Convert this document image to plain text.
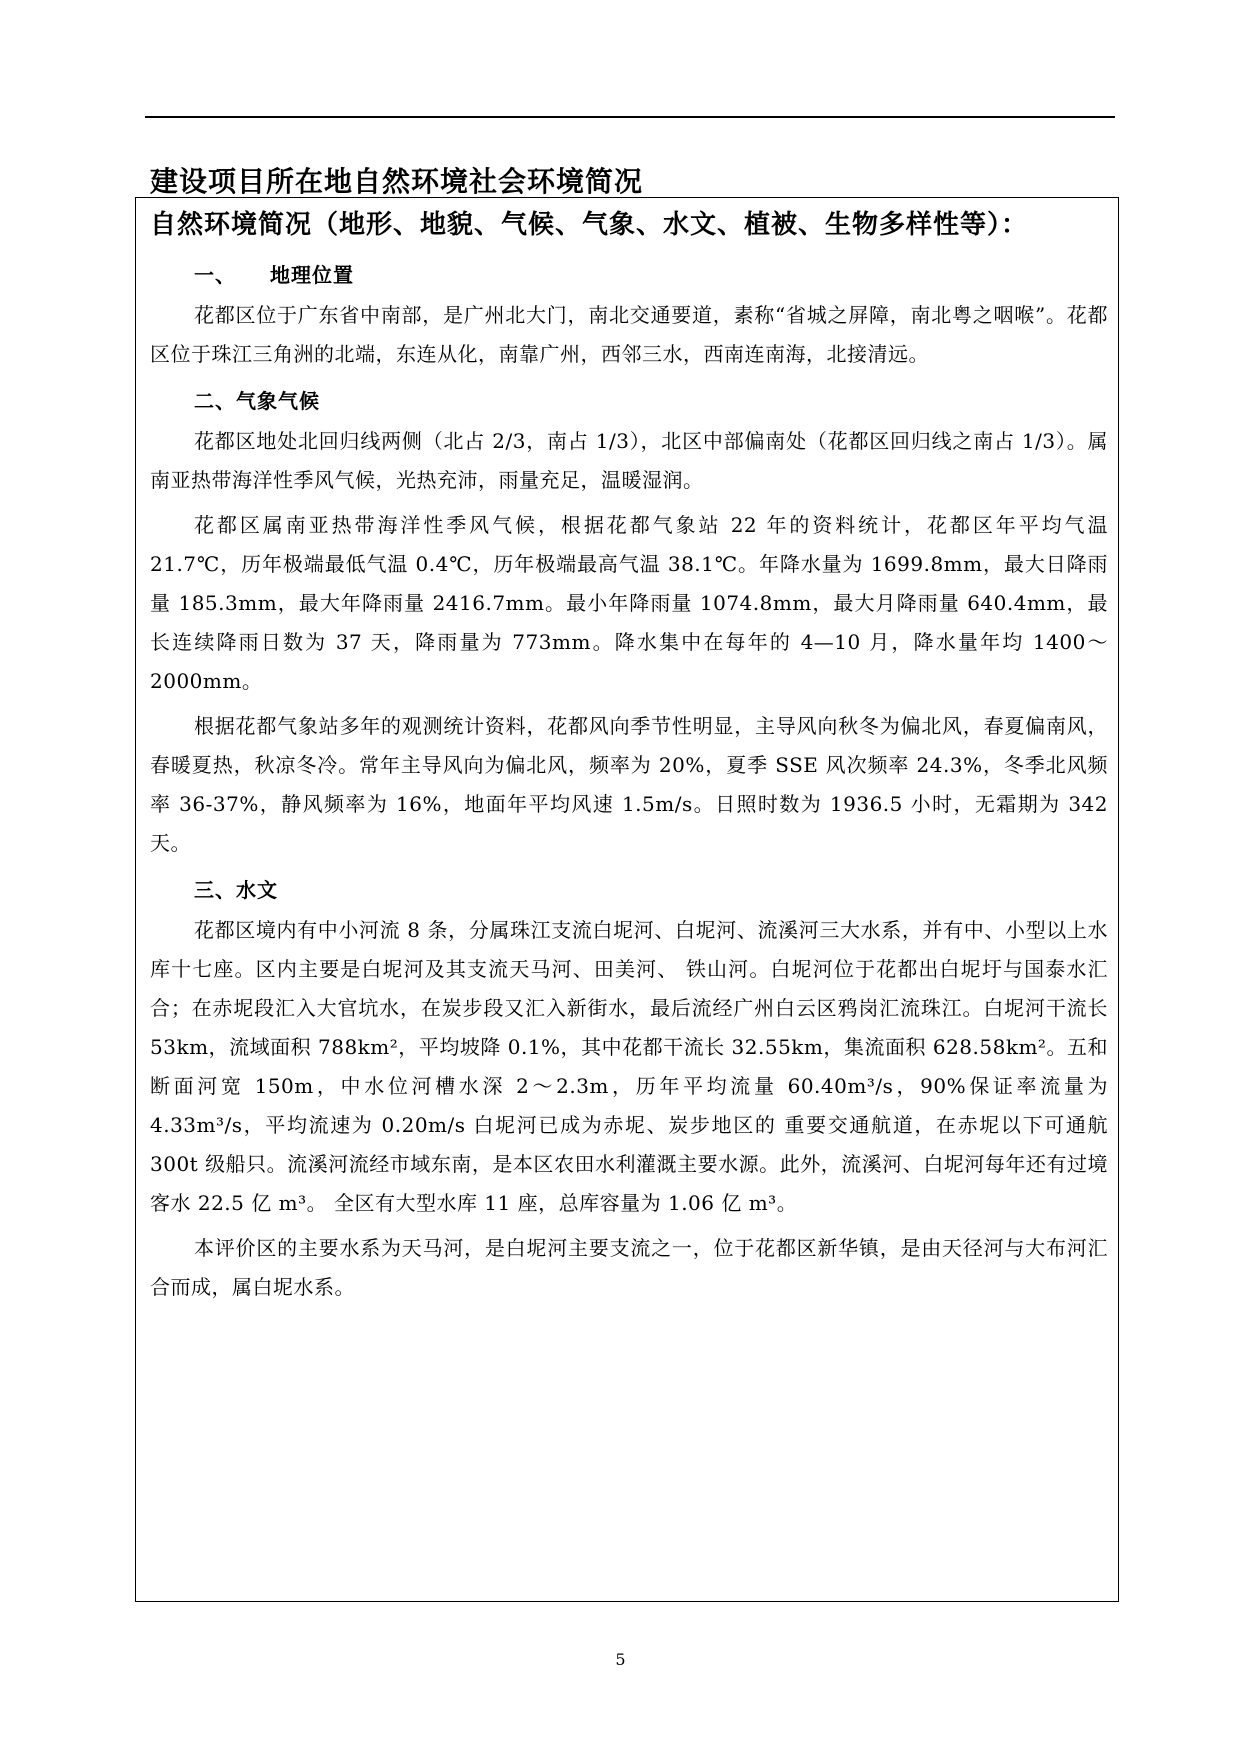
建设项目所在地自然环境社会环境简况
自然环境简况（地形、地貌、气候、气象、水文、植被、生物多样性等）：

一、 地理位置

花都区位于广东省中南部，是广州北大门，南北交通要道，素称“省城之屏障，南北粤之咽喉”。花都区位于珠江三角洲的北端，东连从化，南靠广州，西邻三水，西南连南海，北接清远。

二、气象气候

花都区地处北回归线两侧（北占 2/3，南占 1/3），北区中部偏南处（花都区回归线之南占 1/3）。属南亚热带海洋性季风气候，光热充沛，雨量充足，温暖湿润。

花都区属南亚热带海洋性季风气候，根据花都气象站 22 年的资料统计，花都区年平均气温 21.7℃，历年极端最低气温 0.4℃，历年极端最高气温 38.1℃。年降水量为 1699.8mm，最大日降雨量 185.3mm，最大年降雨量 2416.7mm。最小年降雨量 1074.8mm，最大月降雨量 640.4mm，最长连续降雨日数为 37 天，降雨量为 773mm。降水集中在每年的 4—10 月，降水量年均 1400～2000mm。

根据花都气象站多年的观测统计资料，花都风向季节性明显，主导风向秋冬为偏北风，春夏偏南风，春暖夏热，秋凉冬冷。常年主导风向为偏北风，频率为 20%，夏季 SSE 风次频率 24.3%，冬季北风频率 36-37%，静风频率为 16%，地面年平均风速 1.5m/s。日照时数为 1936.5 小时，无霜期为 342 天。

三、水文

花都区境内有中小河流 8 条，分属珠江支流白坭河、白坭河、流溪河三大水系，并有中、小型以上水库十七座。区内主要是白坭河及其支流天马河、田美河、 铁山河。白坭河位于花都出白坭圩与国泰水汇合；在赤坭段汇入大官坑水，在炭步段又汇入新街水，最后流经广州白云区鸦岗汇流珠江。白坭河干流长 53km，流域面积 788km²，平均坡降 0.1%，其中花都干流长 32.55km，集流面积 628.58km²。五和断面河宽 150m，中水位河槽水深 2～2.3m，历年平均流量 60.40m³/s，90%保证率流量为 4.33m³/s，平均流速为 0.20m/s 白坭河已成为赤坭、炭步地区的 重要交通航道，在赤坭以下可通航 300t 级船只。流溪河流经市域东南，是本区农田水利灌溉主要水源。此外，流溪河、白坭河每年还有过境客水 22.5 亿 m³。 全区有大型水库 11 座，总库容量为 1.06 亿 m³。

本评价区的主要水系为天马河，是白坭河主要支流之一，位于花都区新华镇，是由天径河与大布河汇合而成，属白坭水系。

5
